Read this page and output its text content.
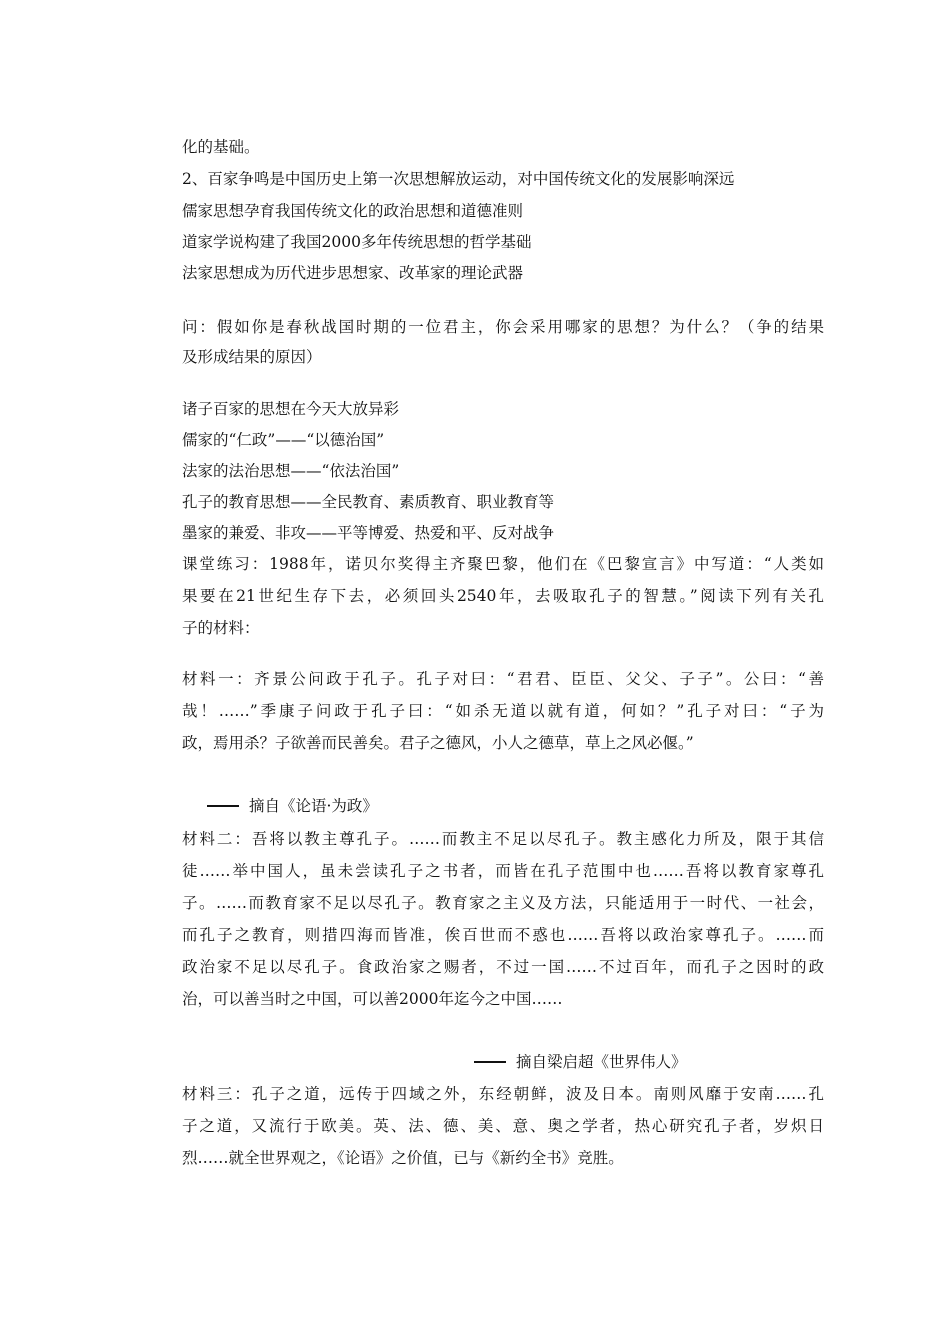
化的基础。
2、百家争鸣是中国历史上第一次思想解放运动，对中国传统文化的发展影响深远
儒家思想孕育我国传统文化的政治思想和道德准则
道家学说构建了我国2000多年传统思想的哲学基础
法家思想成为历代进步思想家、改革家的理论武器
问：假如你是春秋战国时期的一位君主，你会采用哪家的思想？为什么？（争的结果
及形成结果的原因）
诸子百家的思想在今天大放异彩
儒家的“仁政”——“以德治国”
法家的法治思想——“依法治国”
孔子的教育思想——全民教育、素质教育、职业教育等
墨家的兼爱、非攻——平等博爱、热爱和平、反对战争
课堂练习：1988年，诺贝尔奖得主齐聚巴黎，他们在《巴黎宣言》中写道：“人类如
果要在21世纪生存下去，必须回头2540年，去吸取孔子的智慧。”阅读下列有关孔
子的材料：
材料一：齐景公问政于孔子。孔子对曰：“君君、臣臣、父父、子子”。公曰：“善
哉！……”季康子问政于孔子曰：“如杀无道以就有道，何如？”孔子对曰：“子为
政，焉用杀？子欲善而民善矣。君子之德风，小人之德草，草上之风必偃。”
摘自《论语·为政》
材料二：吾将以教主尊孔子。……而教主不足以尽孔子。教主感化力所及，限于其信
徒……举中国人，虽未尝读孔子之书者，而皆在孔子范围中也……吾将以教育家尊孔
子。……而教育家不足以尽孔子。教育家之主义及方法，只能适用于一时代、一社会，
而孔子之教育，则措四海而皆准，俟百世而不惑也……吾将以政治家尊孔子。……而
政治家不足以尽孔子。食政治家之赐者，不过一国……不过百年，而孔子之因时的政
治，可以善当时之中国，可以善2000年迄今之中国……
摘自梁启超《世界伟人》
材料三：孔子之道，远传于四域之外，东经朝鲜，波及日本。南则风靡于安南……孔
子之道，又流行于欧美。英、法、德、美、意、奥之学者，热心研究孔子者，岁炽日
烈……就全世界观之，《论语》之价值，已与《新约全书》竞胜。
